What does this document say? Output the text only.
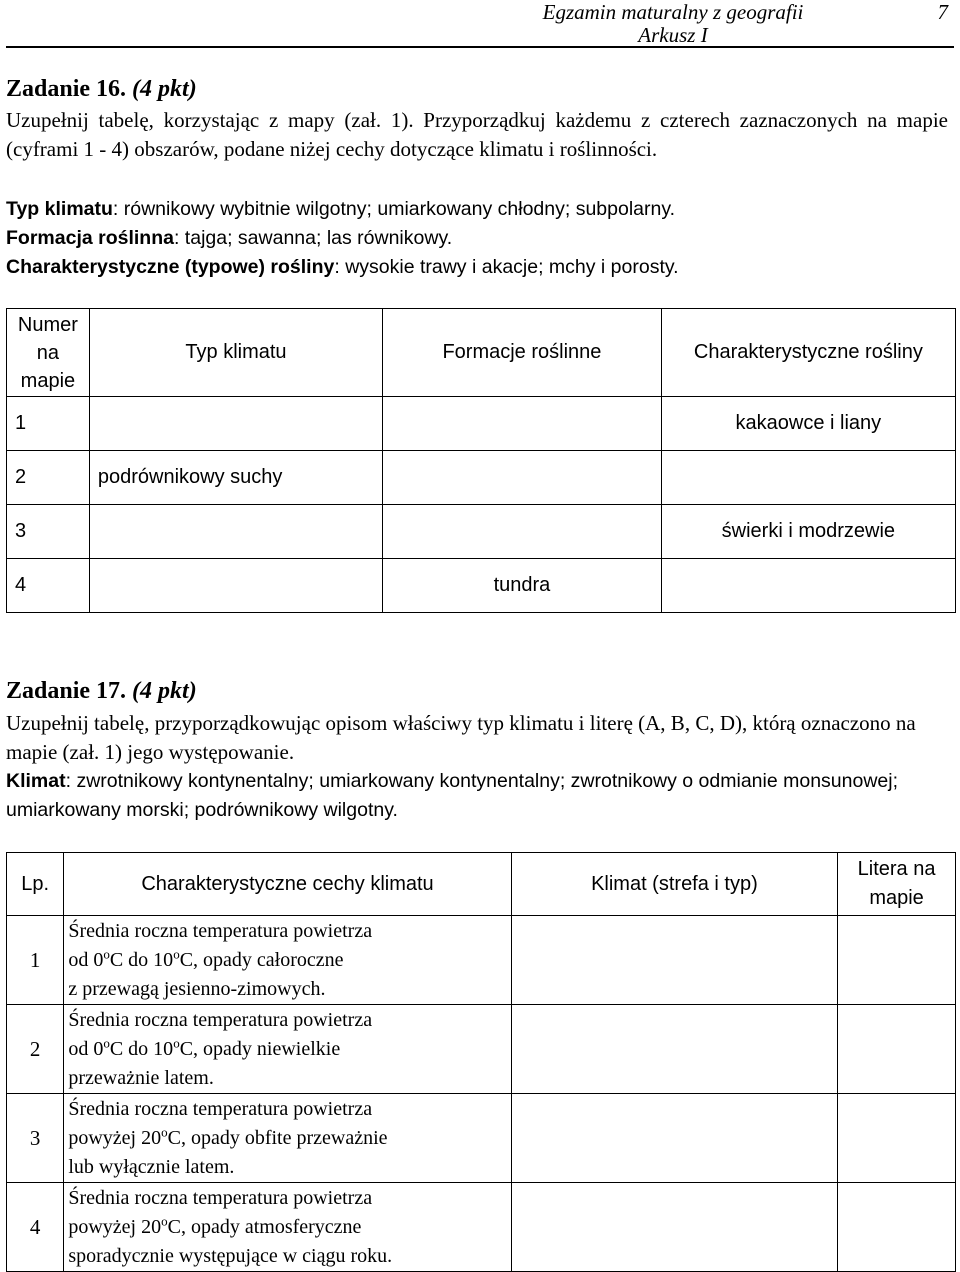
Egzamin maturalny z geografii
Arkusz I
7
Zadanie 16. (4 pkt)
Uzupełnij tabelę, korzystając z mapy (zał. 1). Przyporządkuj każdemu z czterech zaznaczonych na mapie (cyframi 1 - 4) obszarów, podane niżej cechy dotyczące klimatu i roślinności.
Typ klimatu: równikowy wybitnie wilgotny; umiarkowany chłodny; subpolarny.
Formacja roślinna: tajga; sawanna; las równikowy.
Charakterystyczne (typowe) rośliny: wysokie trawy i akacje; mchy i porosty.
Numer na mapie	Typ klimatu	Formacje roślinne	Charakterystyczne rośliny
1			kakaowce i liany
2	podrównikowy suchy		
3			świerki i modrzewie
4		tundra	
Zadanie 17. (4 pkt)
Uzupełnij tabelę, przyporządkowując opisom właściwy typ klimatu i literę (A, B, C, D), którą oznaczono na mapie (zał. 1) jego występowanie.
Klimat: zwrotnikowy kontynentalny; umiarkowany kontynentalny; zwrotnikowy o odmianie monsunowej; umiarkowany morski; podrównikowy wilgotny.
Lp.	Charakterystyczne cechy klimatu	Klimat (strefa i typ)	Litera na mapie
1	Średnia roczna temperatura powietrza
od 0$^o$C do 10$^o$C, opady całoroczne
z przewagą jesienno-zimowych.		

2	Średnia roczna temperatura powietrza
od 0$^o$C do 10$^o$C, opady niewielkie
przeważnie latem.		

3	Średnia roczna temperatura powietrza
powyżej 20$^o$C, opady obfite przeważnie
lub wyłącznie latem.		

4	Średnia roczna temperatura powietrza
powyżej 20$^o$C, opady atmosferyczne
sporadycznie występujące w ciągu roku.		
